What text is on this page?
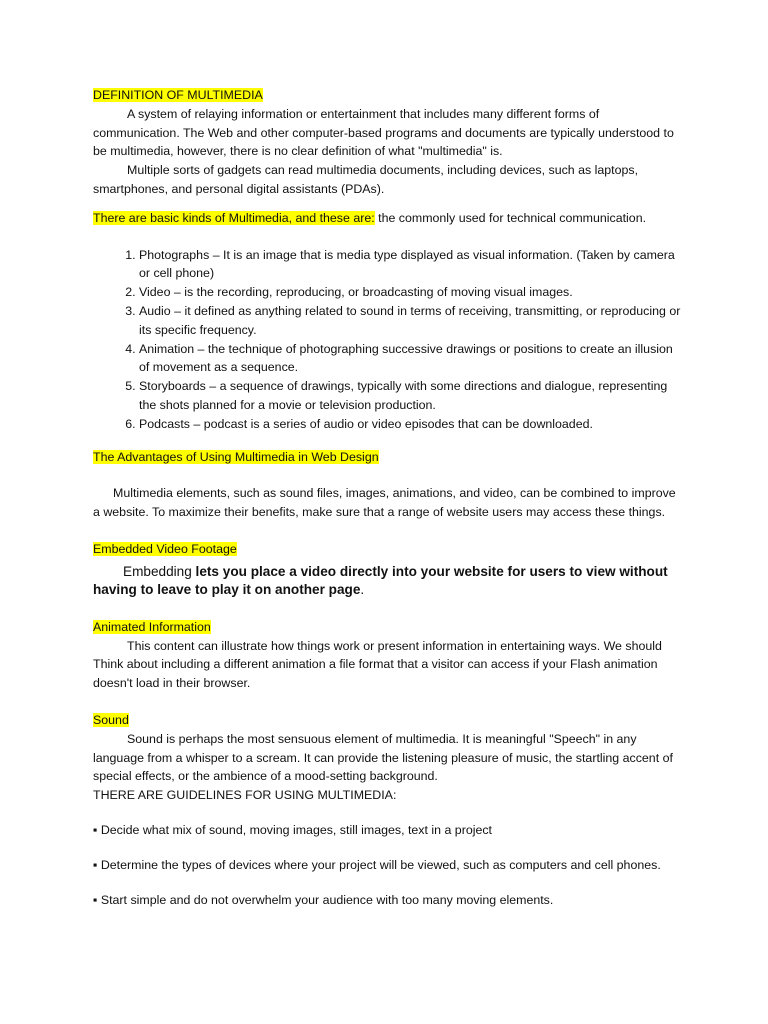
DEFINITION OF MULTIMEDIA

A system of relaying information or entertainment that includes many different forms of communication. The Web and other computer-based programs and documents are typically understood to be multimedia, however, there is no clear definition of what "multimedia" is.

Multiple sorts of gadgets can read multimedia documents, including devices, such as laptops, smartphones, and personal digital assistants (PDAs).

There are basic kinds of Multimedia, and these are: the commonly used for technical communication.

1. Photographs – It is an image that is media type displayed as visual information. (Taken by camera or cell phone)
2. Video – is the recording, reproducing, or broadcasting of moving visual images.
3. Audio – it defined as anything related to sound in terms of receiving, transmitting, or reproducing or its specific frequency.
4. Animation – the technique of photographing successive drawings or positions to create an illusion of movement as a sequence.
5. Storyboards – a sequence of drawings, typically with some directions and dialogue, representing the shots planned for a movie or television production.
6. Podcasts – podcast is a series of audio or video episodes that can be downloaded.

The Advantages of Using Multimedia in Web Design

Multimedia elements, such as sound files, images, animations, and video, can be combined to improve a website. To maximize their benefits, make sure that a range of website users may access these things.

Embedded Video Footage

Embedding lets you place a video directly into your website for users to view without having to leave to play it on another page.

Animated Information

This content can illustrate how things work or present information in entertaining ways. We should Think about including a different animation a file format that a visitor can access if your Flash animation doesn't load in their browser.

Sound

Sound is perhaps the most sensuous element of multimedia. It is meaningful "Speech" in any language from a whisper to a scream. It can provide the listening pleasure of music, the startling accent of special effects, or the ambience of a mood-setting background.

THERE ARE GUIDELINES FOR USING MULTIMEDIA:

▪ Decide what mix of sound, moving images, still images, text in a project

▪ Determine the types of devices where your project will be viewed, such as computers and cell phones.

▪ Start simple and do not overwhelm your audience with too many moving elements.
